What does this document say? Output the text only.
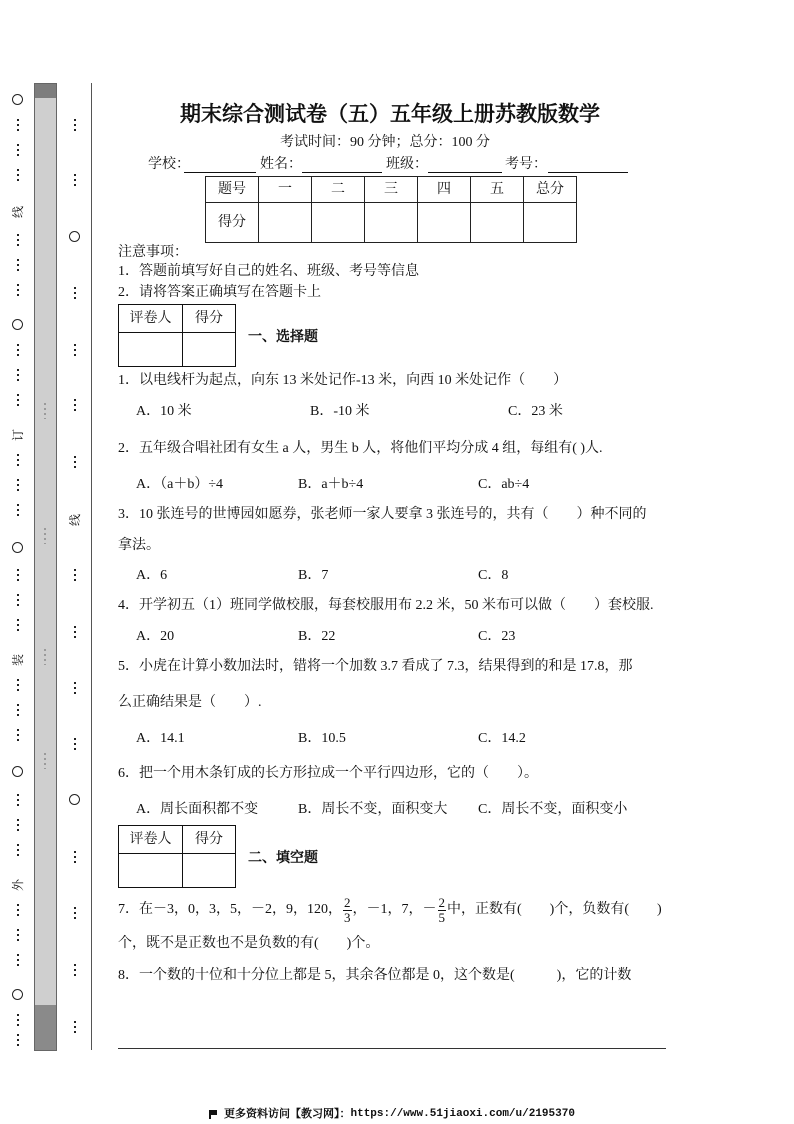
线
订
装
外
线
期末综合测试卷（五）五年级上册苏教版数学
考试时间：90 分钟；总分：100 分
学校：	姓名：	班级：	考号：
题号	一	二	三	四	五	总分
得分						
注意事项：
1．答题前填写好自己的姓名、班级、考号等信息
2．请将答案正确填写在答题卡上
评卷人	得分

一、选择题
1．以电线杆为起点，向东 13 米处记作-13 米，向西 10 米处记作（　　）
A．10 米	B．-10 米	C．23 米
2．五年级合唱社团有女生 a 人，男生 b 人，将他们平均分成 4 组，每组有( )人.
A．（a＋b）÷4	B．a＋b÷4	C．ab÷4
3．10 张连号的世博园如愿券，张老师一家人要拿 3 张连号的，共有（　　）种不同的
拿法。
A．6	B．7	C．8
4．开学初五（1）班同学做校服，每套校服用布 2.2 米，50 米布可以做（　　）套校服.
A．20	B．22	C．23
5．小虎在计算小数加法时，错将一个加数 3.7 看成了 7.3，结果得到的和是 17.8，那
么正确结果是（　　）.
A．14.1	B．10.5	C．14.2
6．把一个用木条钉成的长方形拉成一个平行四边形，它的（　　）。
A．周长面积都不变	B．周长不变，面积变大 C．周长不变，面积变小
评卷人	得分

二、填空题
7．在－3，0，3，5，－2，9，120， $\frac{2}{3}$ ，－1，7，－ $\frac{2}{5}$ 中，正数有(　　)个，负数有(　　)
个，既不是正数也不是负数的有(　　)个。
8．一个数的十位和十分位上都是 5，其余各位都是 0，这个数是(　　　)，它的计数
更多资料访问【教习网】： https://www.51jiaoxi.com/u/2195370
